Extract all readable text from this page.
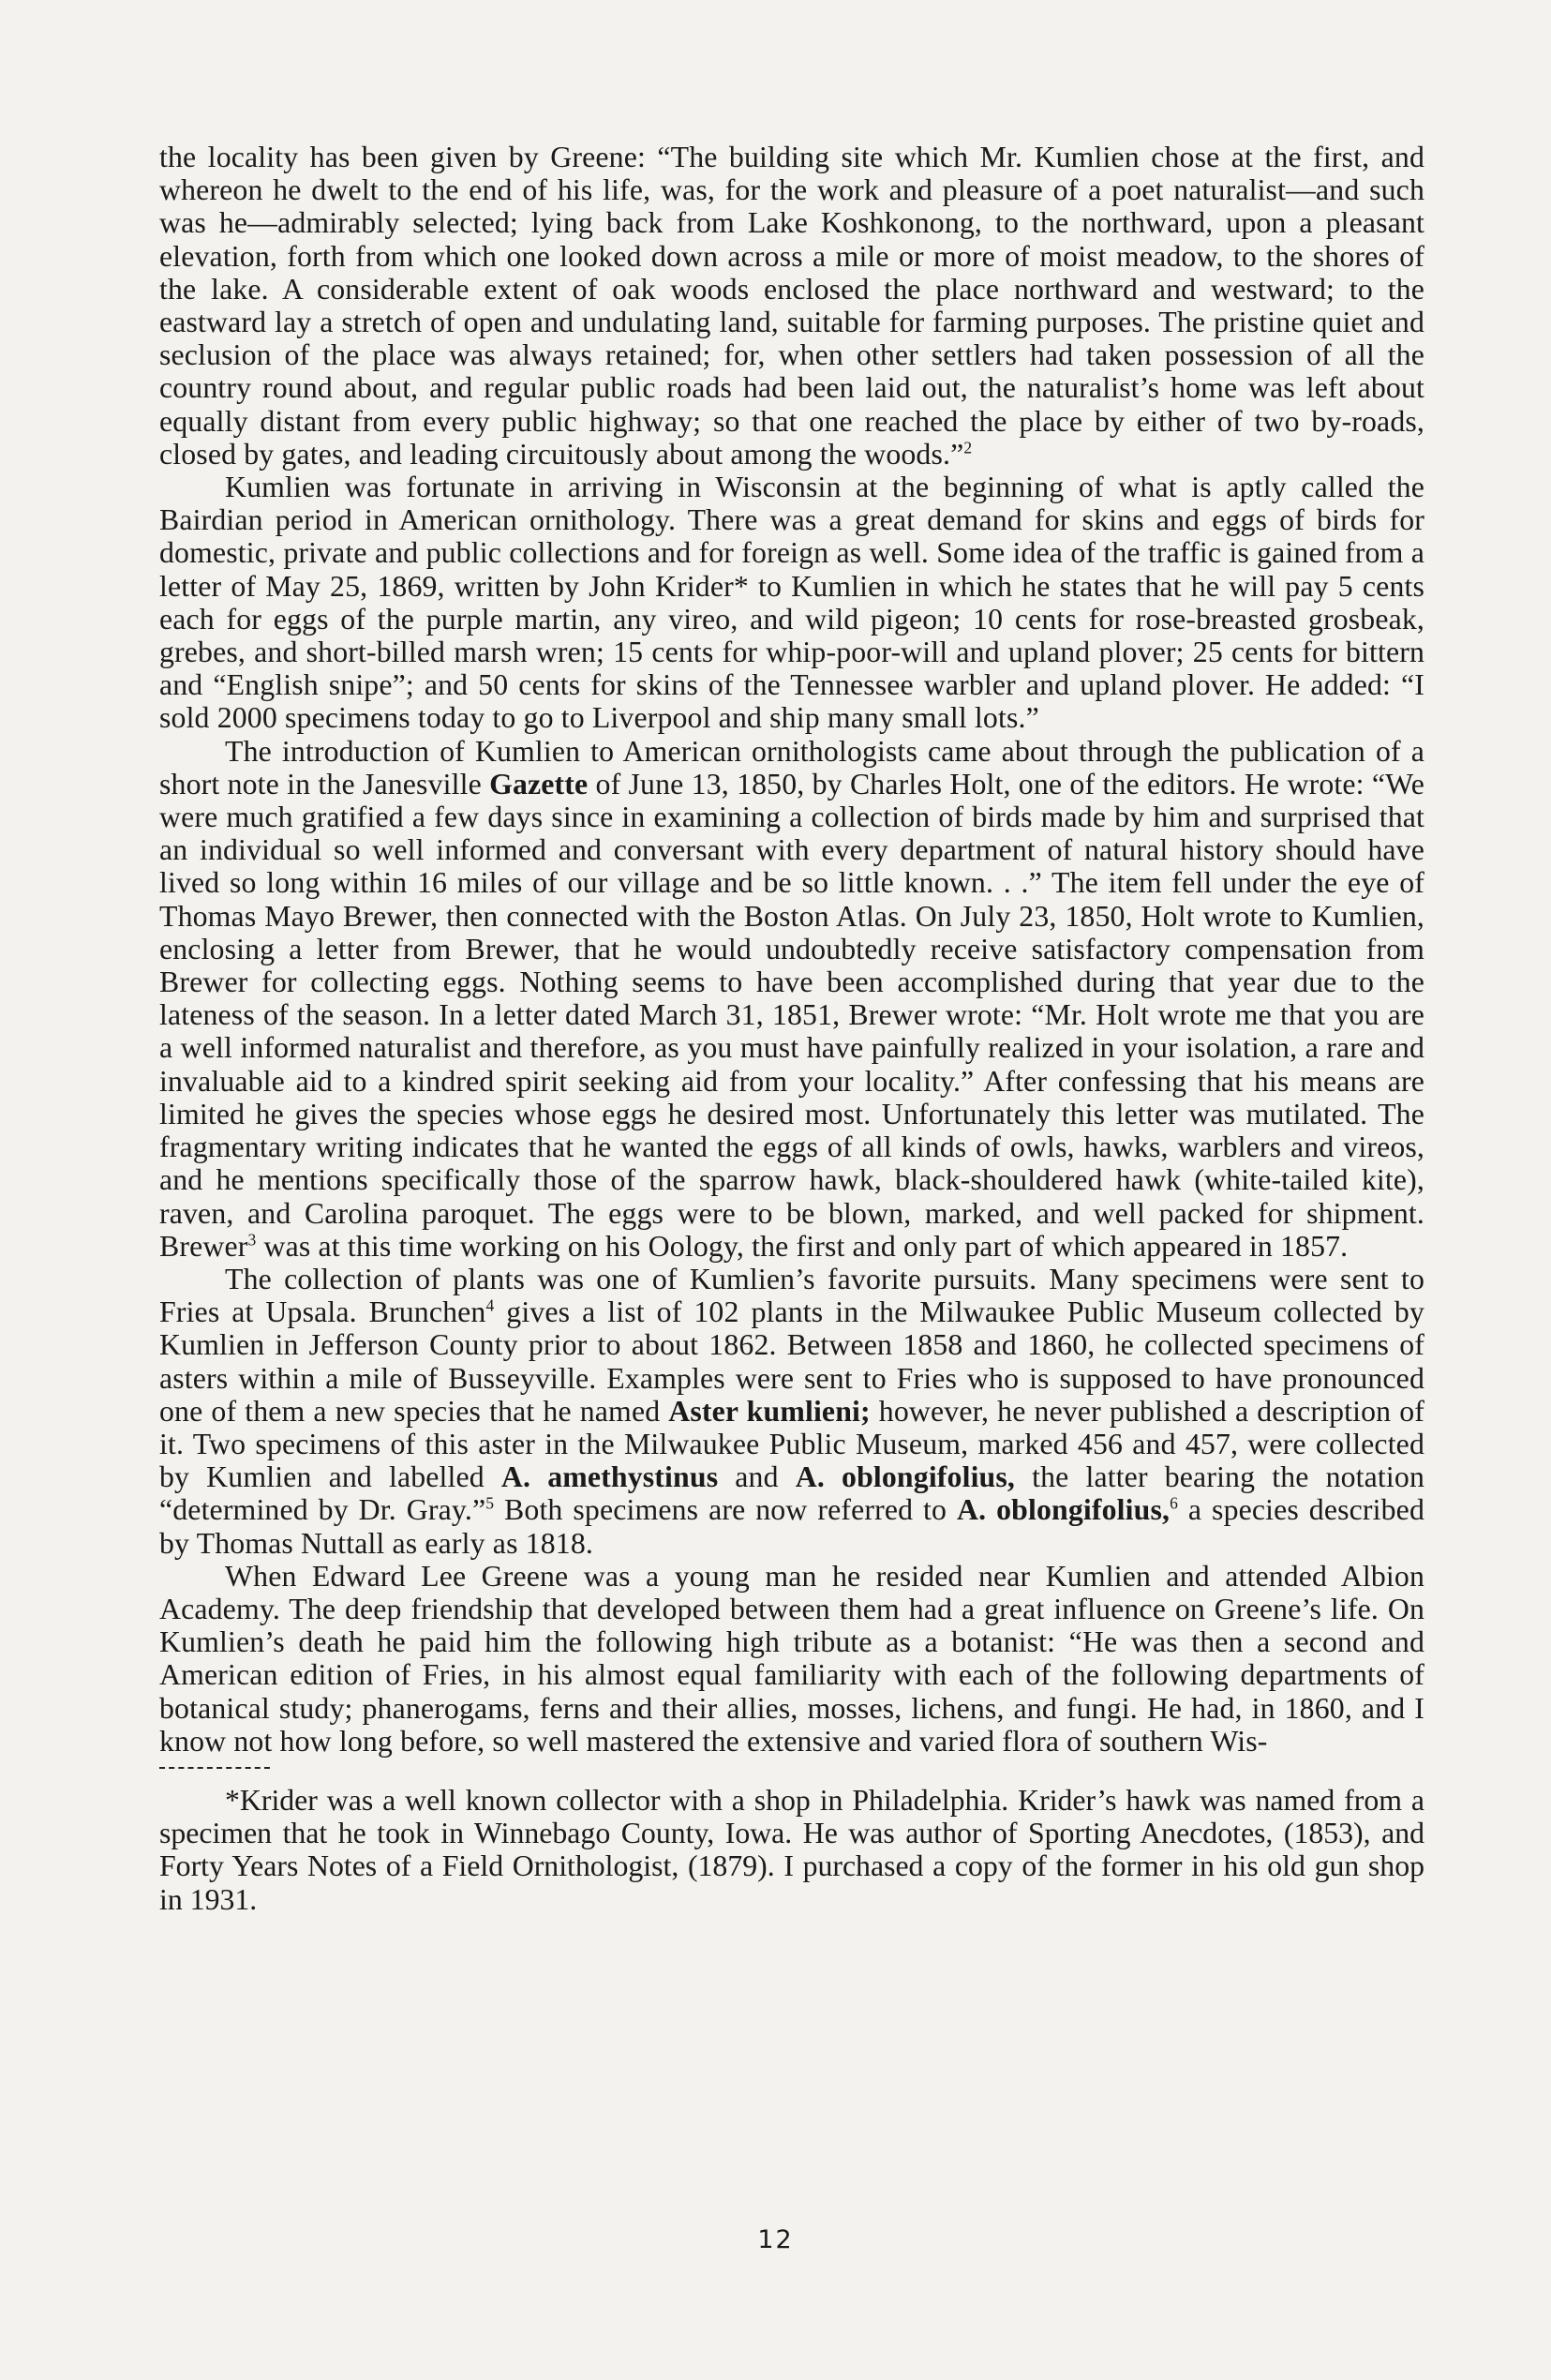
the locality has been given by Greene: “The building site which Mr. Kumlien chose at the first, and whereon he dwelt to the end of his life, was, for the work and pleasure of a poet naturalist—and such was he—admirably selected; lying back from Lake Koshkonong, to the northward, upon a pleasant elevation, forth from which one looked down across a mile or more of moist meadow, to the shores of the lake. A considerable extent of oak woods enclosed the place northward and westward; to the eastward lay a stretch of open and undulating land, suitable for farming purposes. The pristine quiet and seclusion of the place was always retained; for, when other settlers had taken possession of all the country round about, and regular public roads had been laid out, the naturalist’s home was left about equally distant from every public highway; so that one reached the place by either of two by-roads, closed by gates, and leading circuitously about among the woods.”$^2$

Kumlien was fortunate in arriving in Wisconsin at the beginning of what is aptly called the Bairdian period in American ornithology. There was a great demand for skins and eggs of birds for domestic, private and public collections and for foreign as well. Some idea of the traffic is gained from a letter of May 25, 1869, written by John Krider* to Kumlien in which he states that he will pay 5 cents each for eggs of the purple martin, any vireo, and wild pigeon; 10 cents for rose-breasted grosbeak, grebes, and short-billed marsh wren; 15 cents for whip-poor-will and upland plover; 25 cents for bittern and “English snipe”; and 50 cents for skins of the Tennessee warbler and upland plover. He added: “I sold 2000 specimens today to go to Liverpool and ship many small lots.”

The introduction of Kumlien to American ornithologists came about through the publication of a short note in the Janesville Gazette of June 13, 1850, by Charles Holt, one of the editors. He wrote: “We were much gratified a few days since in examining a collection of birds made by him and surprised that an individual so well informed and conversant with every department of natural history should have lived so long within 16 miles of our village and be so little known. . .” The item fell under the eye of Thomas Mayo Brewer, then connected with the Boston Atlas. On July 23, 1850, Holt wrote to Kumlien, enclosing a letter from Brewer, that he would undoubtedly receive satisfactory compensation from Brewer for collecting eggs. Nothing seems to have been accomplished during that year due to the lateness of the season. In a letter dated March 31, 1851, Brewer wrote: “Mr. Holt wrote me that you are a well informed naturalist and therefore, as you must have painfully realized in your isolation, a rare and invaluable aid to a kindred spirit seeking aid from your locality.” After confessing that his means are limited he gives the species whose eggs he desired most. Unfortunately this letter was mutilated. The fragmentary writing indicates that he wanted the eggs of all kinds of owls, hawks, warblers and vireos, and he mentions specifically those of the sparrow hawk, black-shouldered hawk (white-tailed kite), raven, and Carolina paroquet. The eggs were to be blown, marked, and well packed for shipment. Brewer$^3$ was at this time working on his Oology, the first and only part of which appeared in 1857.

The collection of plants was one of Kumlien’s favorite pursuits. Many specimens were sent to Fries at Upsala. Brunchen$^4$ gives a list of 102 plants in the Milwaukee Public Museum collected by Kumlien in Jefferson County prior to about 1862. Between 1858 and 1860, he collected specimens of asters within a mile of Busseyville. Examples were sent to Fries who is supposed to have pronounced one of them a new species that he named Aster kumlieni; however, he never published a description of it. Two specimens of this aster in the Milwaukee Public Museum, marked 456 and 457, were collected by Kumlien and labelled A. amethystinus and A. oblongifolius, the latter bearing the notation “determined by Dr. Gray.”$^5$ Both specimens are now referred to A. oblongifolius,$^6$ a species described by Thomas Nuttall as early as 1818.

When Edward Lee Greene was a young man he resided near Kumlien and attended Albion Academy. The deep friendship that developed between them had a great influence on Greene’s life. On Kumlien’s death he paid him the following high tribute as a botanist: “He was then a second and American edition of Fries, in his almost equal familiarity with each of the following departments of botanical study; phanerogams, ferns and their allies, mosses, lichens, and fungi. He had, in 1860, and I know not how long before, so well mastered the extensive and varied flora of southern Wis-

*Krider was a well known collector with a shop in Philadelphia. Krider’s hawk was named from a specimen that he took in Winnebago County, Iowa. He was author of Sporting Anecdotes, (1853), and Forty Years Notes of a Field Ornithologist, (1879). I purchased a copy of the former in his old gun shop in 1931.

12
